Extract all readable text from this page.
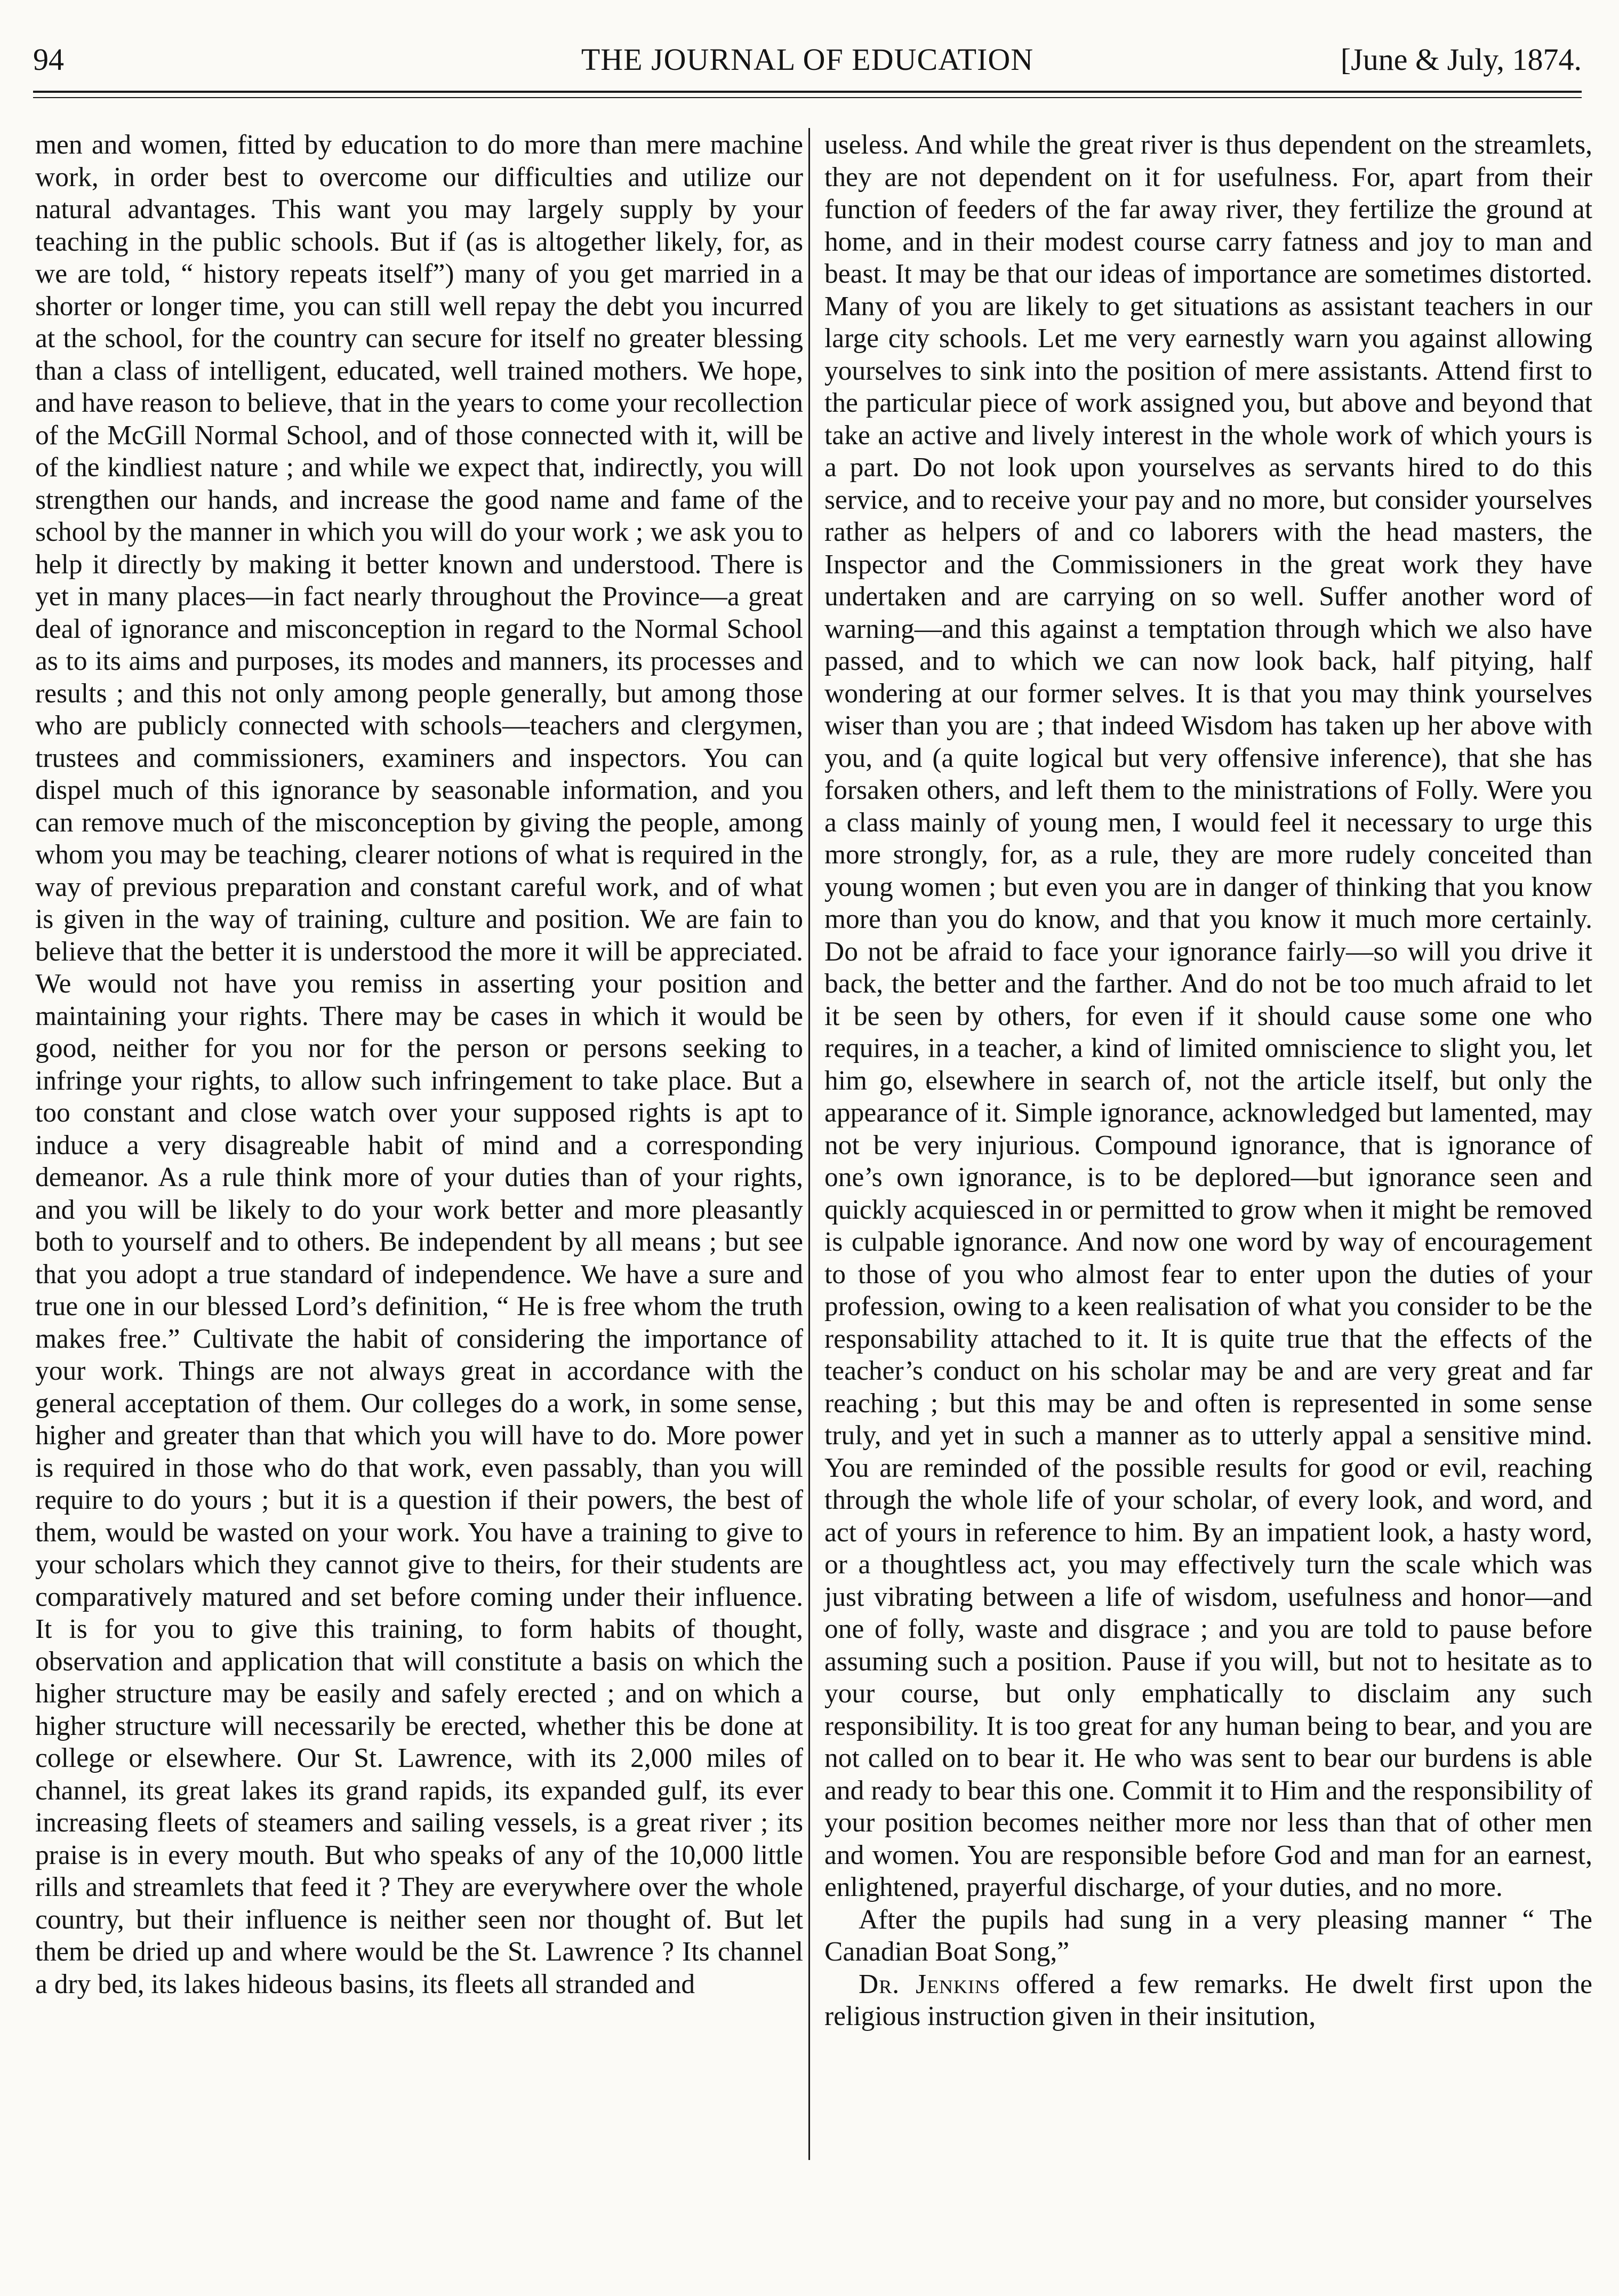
94	THE JOURNAL OF EDUCATION	[June & July, 1874.

men and women, fitted by education to do more than mere machine work, in order best to overcome our difficulties and utilize our natural advantages. This want you may largely supply by your teaching in the public schools. But if (as is altogether likely, for, as we are told, “ history repeats itself”) many of you get married in a shorter or longer time, you can still well repay the debt you incurred at the school, for the country can secure for itself no greater blessing than a class of intelligent, educated, well trained mothers. We hope, and have reason to believe, that in the years to come your recollection of the McGill Normal School, and of those connected with it, will be of the kindliest nature ; and while we expect that, indirectly, you will strengthen our hands, and increase the good name and fame of the school by the manner in which you will do your work ; we ask you to help it directly by making it better known and understood. There is yet in many places—in fact nearly throughout the Province—a great deal of ignorance and misconception in regard to the Normal School as to its aims and purposes, its modes and manners, its processes and results ; and this not only among people generally, but among those who are publicly connected with schools—teachers and clergymen, trustees and commissioners, examiners and inspectors. You can dispel much of this ignorance by seasonable information, and you can remove much of the misconception by giving the people, among whom you may be teaching, clearer notions of what is required in the way of previous preparation and constant careful work, and of what is given in the way of training, culture and position. We are fain to believe that the better it is understood the more it will be appreciated. We would not have you remiss in asserting your position and maintaining your rights. There may be cases in which it would be good, neither for you nor for the person or persons seeking to infringe your rights, to allow such infringement to take place. But a too constant and close watch over your supposed rights is apt to induce a very disagreable habit of mind and a corresponding demeanor. As a rule think more of your duties than of your rights, and you will be likely to do your work better and more pleasantly both to yourself and to others. Be independent by all means ; but see that you adopt a true standard of independence. We have a sure and true one in our blessed Lord’s definition, “ He is free whom the truth makes free.” Cultivate the habit of considering the importance of your work. Things are not always great in accordance with the general acceptation of them. Our colleges do a work, in some sense, higher and greater than that which you will have to do. More power is required in those who do that work, even passably, than you will require to do yours ; but it is a question if their powers, the best of them, would be wasted on your work. You have a training to give to your scholars which they cannot give to theirs, for their students are comparatively matured and set before coming under their influence. It is for you to give this training, to form habits of thought, observation and application that will constitute a basis on which the higher structure may be easily and safely erected ; and on which a higher structure will necessarily be erected, whether this be done at college or elsewhere. Our St. Lawrence, with its 2,000 miles of channel, its great lakes its grand rapids, its expanded gulf, its ever increasing fleets of steamers and sailing vessels, is a great river ; its praise is in every mouth. But who speaks of any of the 10,000 little rills and streamlets that feed it ? They are everywhere over the whole country, but their influence is neither seen nor thought of. But let them be dried up and where would be the St. Lawrence ? Its channel a dry bed, its lakes hideous basins, its fleets all stranded and

useless. And while the great river is thus dependent on the streamlets, they are not dependent on it for usefulness. For, apart from their function of feeders of the far away river, they fertilize the ground at home, and in their modest course carry fatness and joy to man and beast. It may be that our ideas of importance are sometimes distorted. Many of you are likely to get situations as assistant teachers in our large city schools. Let me very earnestly warn you against allowing yourselves to sink into the position of mere assistants. Attend first to the particular piece of work assigned you, but above and beyond that take an active and lively interest in the whole work of which yours is a part. Do not look upon yourselves as servants hired to do this service, and to receive your pay and no more, but consider yourselves rather as helpers of and co laborers with the head masters, the Inspector and the Commissioners in the great work they have undertaken and are carrying on so well. Suffer another word of warning—and this against a temptation through which we also have passed, and to which we can now look back, half pitying, half wondering at our former selves. It is that you may think yourselves wiser than you are ; that indeed Wisdom has taken up her above with you, and (a quite logical but very offensive inference), that she has forsaken others, and left them to the ministrations of Folly. Were you a class mainly of young men, I would feel it necessary to urge this more strongly, for, as a rule, they are more rudely conceited than young women ; but even you are in danger of thinking that you know more than you do know, and that you know it much more certainly. Do not be afraid to face your ignorance fairly—so will you drive it back, the better and the farther. And do not be too much afraid to let it be seen by others, for even if it should cause some one who requires, in a teacher, a kind of limited omniscience to slight you, let him go, elsewhere in search of, not the article itself, but only the appearance of it. Simple ignorance, acknowledged but lamented, may not be very injurious. Compound ignorance, that is ignorance of one’s own ignorance, is to be deplored—but ignorance seen and quickly acquiesced in or permitted to grow when it might be removed is culpable ignorance. And now one word by way of encouragement to those of you who almost fear to enter upon the duties of your profession, owing to a keen realisation of what you consider to be the responsability attached to it. It is quite true that the effects of the teacher’s conduct on his scholar may be and are very great and far reaching ; but this may be and often is represented in some sense truly, and yet in such a manner as to utterly appal a sensitive mind. You are reminded of the possible results for good or evil, reaching through the whole life of your scholar, of every look, and word, and act of yours in reference to him. By an impatient look, a hasty word, or a thoughtless act, you may effectively turn the scale which was just vibrating between a life of wisdom, usefulness and honor—and one of folly, waste and disgrace ; and you are told to pause before assuming such a position. Pause if you will, but not to hesitate as to your course, but only emphatically to disclaim any such responsibility. It is too great for any human being to bear, and you are not called on to bear it. He who was sent to bear our burdens is able and ready to bear this one. Commit it to Him and the responsibility of your position becomes neither more nor less than that of other men and women. You are responsible before God and man for an earnest, enlightened, prayerful discharge, of your duties, and no more.

After the pupils had sung in a very pleasing manner “ The Canadian Boat Song,”

Dr. Jenkins offered a few remarks. He dwelt first upon the religious instruction given in their insitution,
